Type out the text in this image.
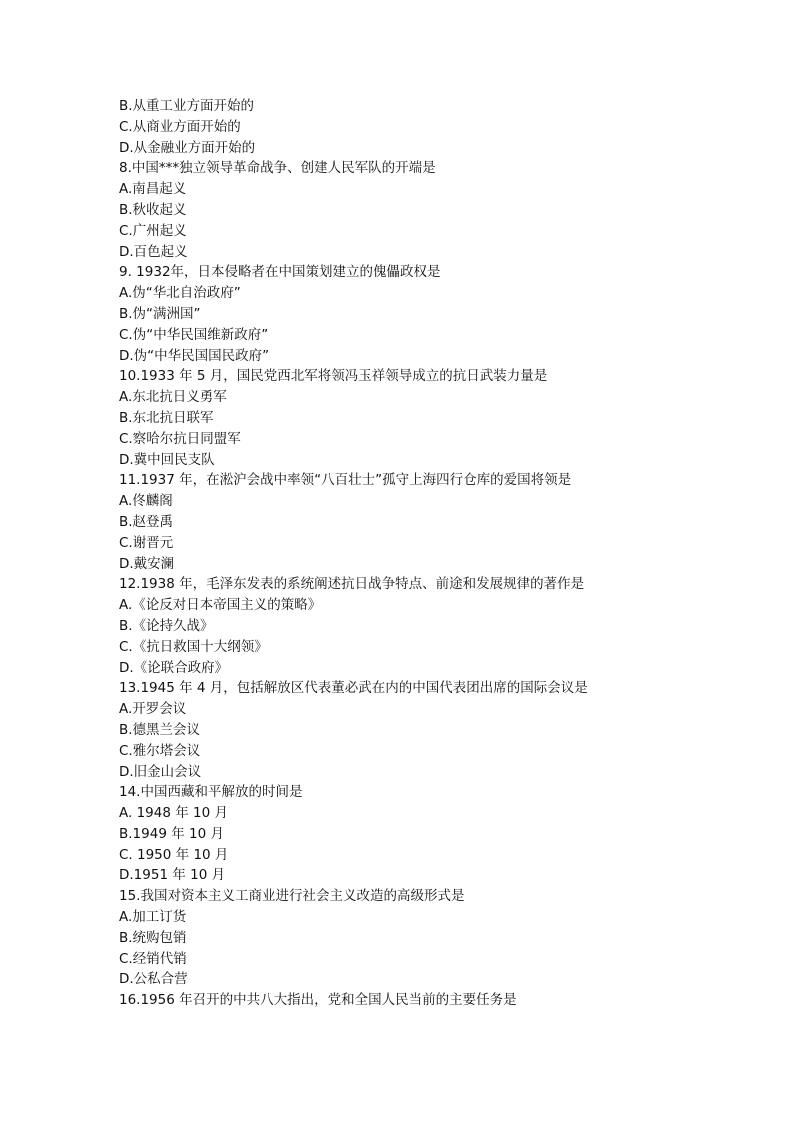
B.从重工业方面开始的
C.从商业方面开始的
D.从金融业方面开始的
8.中国***独立领导革命战争、创建人民军队的开端是
A.南昌起义
B.秋收起义
C.广州起义
D.百色起义
9. 1932年，日本侵略者在中国策划建立的傀儡政权是
A.伪“华北自治政府”
B.伪“满洲国”
C.伪“中华民国维新政府”
D.伪“中华民国国民政府”
10.1933 年 5 月，国民党西北军将领冯玉祥领导成立的抗日武装力量是
A.东北抗日义勇军
B.东北抗日联军
C.察哈尔抗日同盟军
D.冀中回民支队
11.1937 年，在淞沪会战中率领“八百壮士”孤守上海四行仓库的爱国将领是
A.佟麟阁
B.赵登禹
C.谢晋元
D.戴安澜
12.1938 年，毛泽东发表的系统阐述抗日战争特点、前途和发展规律的著作是
A.《论反对日本帝国主义的策略》
B.《论持久战》
C.《抗日救国十大纲领》
D.《论联合政府》
13.1945 年 4 月，包括解放区代表董必武在内的中国代表团出席的国际会议是
A.开罗会议
B.德黑兰会议
C.雅尔塔会议
D.旧金山会议
14.中国西藏和平解放的时间是
A. 1948 年 10 月
B.1949 年 10 月
C. 1950 年 10 月
D.1951 年 10 月
15.我国对资本主义工商业进行社会主义改造的高级形式是
A.加工订货
B.统购包销
C.经销代销
D.公私合营
16.1956 年召开的中共八大指出，党和全国人民当前的主要任务是
